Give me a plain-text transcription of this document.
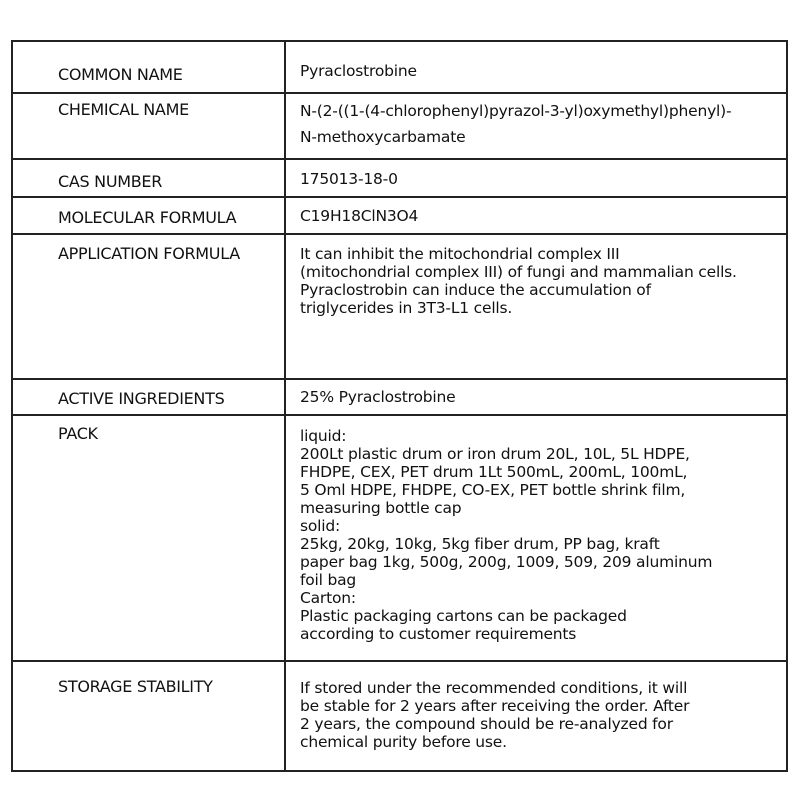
COMMON NAME	Pyraclostrobine
CHEMICAL NAME	N-(2-((1-(4-chlorophenyl)pyrazol-3-yl)oxymethyl)phenyl)-
N-methoxycarbamate
CAS NUMBER	175013-18-0
MOLECULAR FORMULA	C19H18ClN3O4
APPLICATION FORMULA	It can inhibit the mitochondrial complex III
(mitochondrial complex III) of fungi and mammalian cells.
Pyraclostrobin can induce the accumulation of
triglycerides in 3T3-L1 cells.
ACTIVE INGREDIENTS	25% Pyraclostrobine
PACK	liquid:
200Lt plastic drum or iron drum 20L, 10L, 5L HDPE,
FHDPE, CEX, PET drum 1Lt 500mL, 200mL, 100mL,
5 Oml HDPE, FHDPE, CO-EX, PET bottle shrink film,
measuring bottle cap
solid:
25kg, 20kg, 10kg, 5kg fiber drum, PP bag, kraft
paper bag 1kg, 500g, 200g, 1009, 509, 209 aluminum
foil bag
Carton:
Plastic packaging cartons can be packaged
according to customer requirements
STORAGE STABILITY	If stored under the recommended conditions, it will
be stable for 2 years after receiving the order. After
2 years, the compound should be re-analyzed for
chemical purity before use.
